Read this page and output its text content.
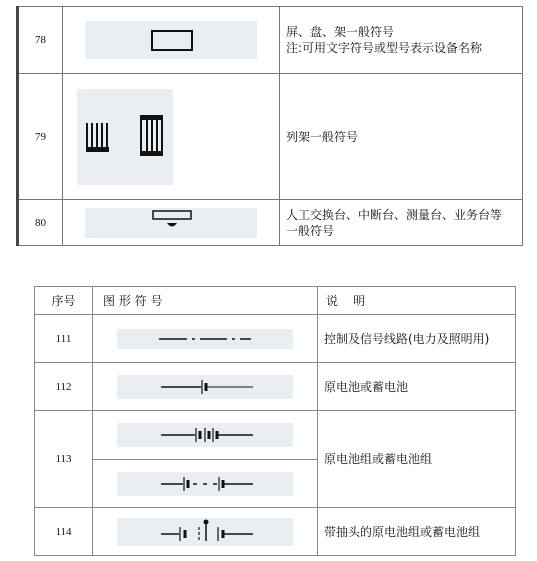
78		屏、盘、架一般符号
注:可用文字符号或型号表示设备名称

79		列架一般符号

80		人工交换台、中断台、测量台、业务台等
一般符号
序号	图 形 符 号	说    明
111		控制及信号线路(电力及照明用)
112		原电池或蓄电池
113		原电池组或蓄电池组

114		带抽头的原电池组或蓄电池组
